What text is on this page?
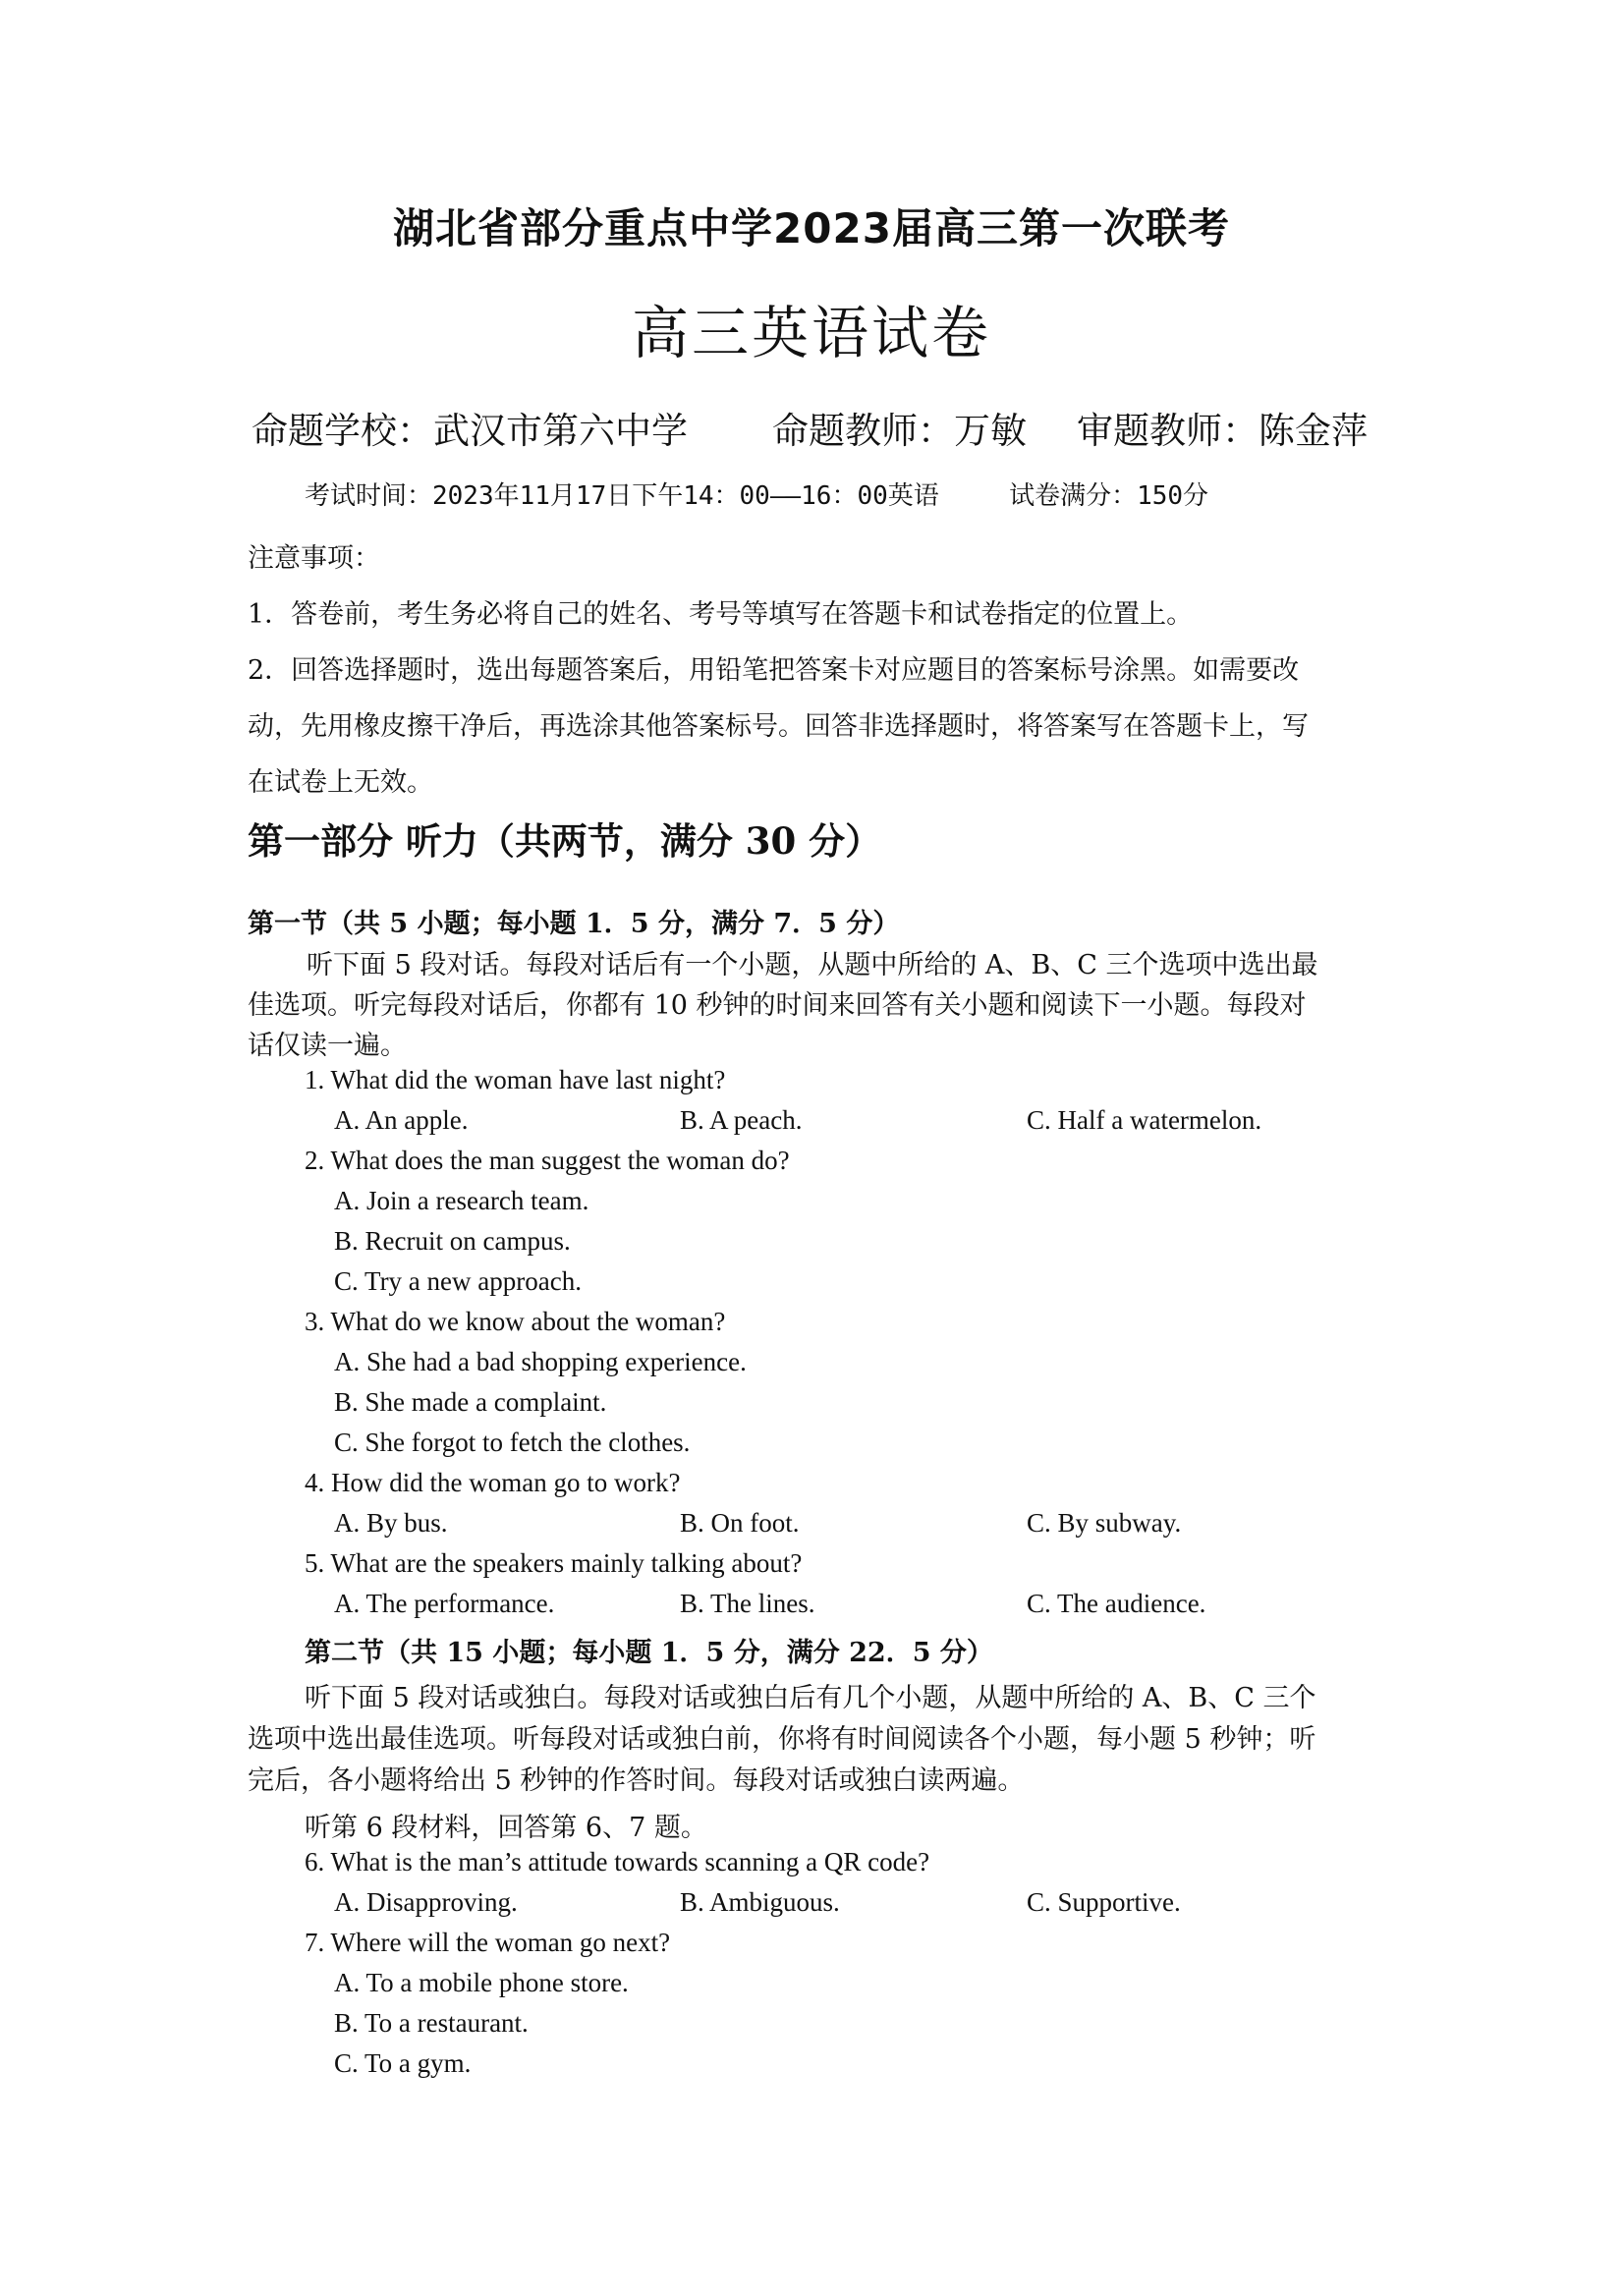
湖北省部分重点中学2023届高三第一次联考
高三英语试卷
命题学校：武汉市第六中学 命题教师：万敏 审题教师：陈金萍
考试时间：2023年11月17日下午14：00——16：00英语	试卷满分：150分
注意事项：
1．答卷前，考生务必将自己的姓名、考号等填写在答题卡和试卷指定的位置上。
2．回答选择题时，选出每题答案后，用铅笔把答案卡对应题目的答案标号涂黑。如需要改
动，先用橡皮擦干净后，再选涂其他答案标号。回答非选择题时，将答案写在答题卡上，写
在试卷上无效。
第一部分 听力（共两节，满分 30 分）
第一节（共 5 小题；每小题 1．5 分，满分 7．5 分）
听下面 5 段对话。每段对话后有一个小题，从题中所给的 A、B、C 三个选项中选出最
佳选项。听完每段对话后，你都有 10 秒钟的时间来回答有关小题和阅读下一小题。每段对
话仅读一遍。
1. What did the woman have last night?
A. An apple.	B. A peach.	C. Half a watermelon.
2. What does the man suggest the woman do?
A. Join a research team.
B. Recruit on campus.
C. Try a new approach.
3. What do we know about the woman?
A. She had a bad shopping experience.
B. She made a complaint.
C. She forgot to fetch the clothes.
4. How did the woman go to work?
A. By bus.	B. On foot.	C. By subway.
5. What are the speakers mainly talking about?
A. The performance.	B. The lines.	C. The audience.
第二节（共 15 小题；每小题 1．5 分，满分 22．5 分）
听下面 5 段对话或独白。每段对话或独白后有几个小题，从题中所给的 A、B、C 三个
选项中选出最佳选项。听每段对话或独白前，你将有时间阅读各个小题，每小题 5 秒钟；听
完后，各小题将给出 5 秒钟的作答时间。每段对话或独白读两遍。
听第 6 段材料，回答第 6、7 题。
6. What is the man’s attitude towards scanning a QR code?
A. Disapproving.	B. Ambiguous.	C. Supportive.
7. Where will the woman go next?
A. To a mobile phone store.
B. To a restaurant.
C. To a gym.
